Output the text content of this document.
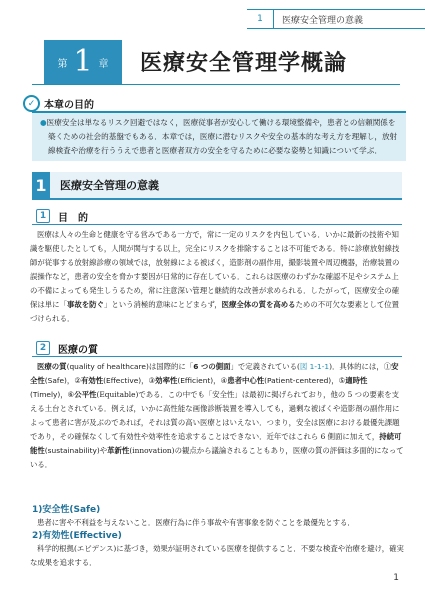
1	医療安全管理の意義
第 1 章 医療安全管理学概論
✓ 本章の目的

●医療安全は単なるリスク回避ではなく，医療従事者が安心して働ける環境整備や，患者との信頼関係を築くための社会的基盤でもある．本章では，医療に潜むリスクや安全の基本的な考え方を理解し，放射線検査や治療を行ううえで患者と医療者双方の安全を守るために必要な姿勢と知識について学ぶ．

1	医療安全管理の意義
1	目　的

医療は人々の生命と健康を守る営みである一方で，常に一定のリスクを内包している．いかに最新の技術や知識を駆使したとしても，人間が関与する以上，完全にリスクを排除することは不可能である．特に診療放射線技師が従事する放射線診療の領域では，放射線による被ばく，造影剤の副作用，撮影装置や周辺機器，治療装置の誤操作など，患者の安全を脅かす要因が日常的に存在している．これらは医療のわずかな確認不足やシステム上の不備によっても発生しうるため，常に注意深い管理と継続的な改善が求められる．したがって，医療安全の確保は単に「事故を防ぐ」という消極的意味にとどまらず，医療全体の質を高めるための不可欠な要素として位置づけられる．

2	医療の質

医療の質(quality of healthcare)は国際的に「6 つの側面」で定義されている(図 1-1-1)．具体的には，①安全性(Safe)，②有効性(Effective)，③効率性(Efficient)，④患者中心性(Patient-centered)，⑤適時性(Timely)，⑥公平性(Equitable)である．この中でも「安全性」は最初に掲げられており，他の 5 つの要素を支える土台とされている．例えば，いかに高性能な画像診断装置を導入しても，過剰な被ばくや造影剤の副作用によって患者に害が及ぶのであれば，それは質の高い医療とはいえない．つまり，安全は医療における最優先課題であり，その確保なくして有効性や効率性を追求することはできない．近年ではこれら 6 側面に加えて，持続可能性(sustainability)や革新性(innovation)の観点から議論されることもあり，医療の質の評価は多面的になっている．

1)安全性(Safe)

患者に害や不利益を与えないこと．医療行為に伴う事故や有害事象を防ぐことを最優先とする．

2)有効性(Effective)

科学的根拠(エビデンス)に基づき，効果が証明されている医療を提供すること．不要な検査や治療を避け，確実な成果を追求する．

1
